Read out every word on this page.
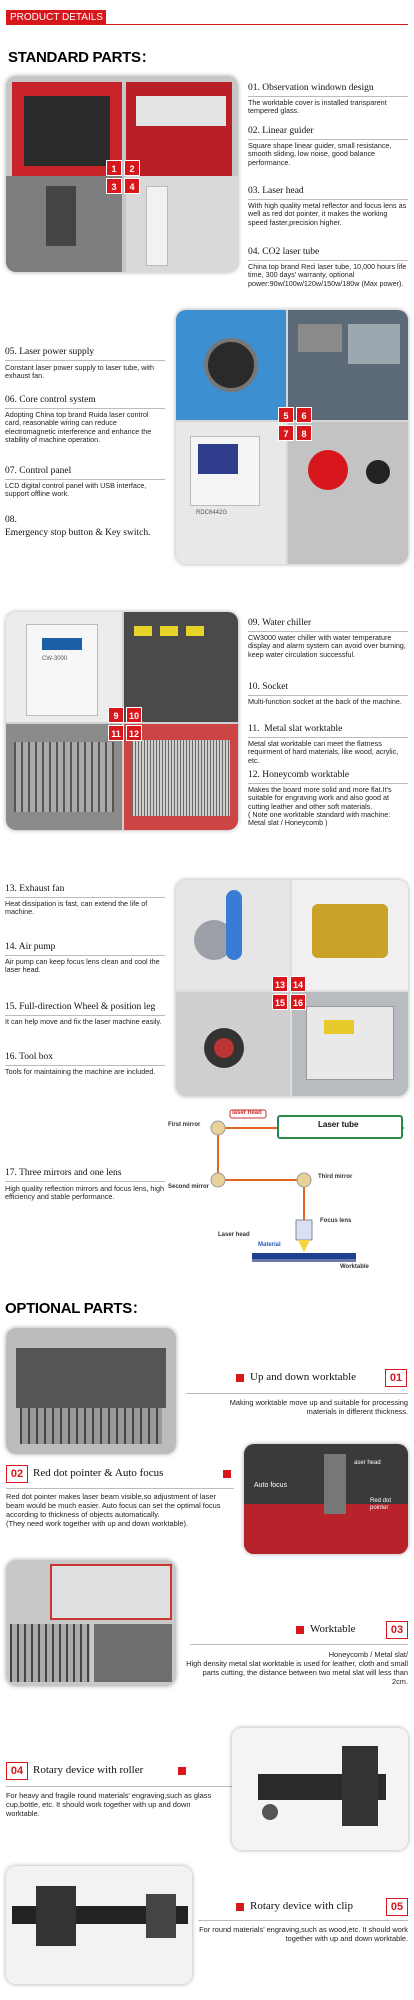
PRODUCT DETAILS
STANDARD PARTS：
1	2
3	4
01. Observation windown design
The worktable cover is installed transparent tempered glass.
02. Linear guider
Square shape linear guider, small resistance, smooth sliding, low noise, good balance performance.
03. Laser head
With high quality metal reflector and focus lens as well as red dot pointer, it makes the working speed faster,precision higher.
04. CO2 laser tube
China top brand Reci laser tube, 10,000 hours life time, 300 days' warranty, optional power:90w/100w/120w/150w/180w (Max power).
RDC6442G
5	6
7	8
05. Laser power supply
Constant laser power supply to laser tube, with exhaust fan.
06. Core control system
Adopting China top brand Ruida laser control card, reasonable wiring can reduce electromagnetic interference and enhance the stability of machine operation.
07. Control panel
LCD digital control panel with USB interface, support offline work.
08.
Emergency stop button & Key switch.
CW-3000
9	10
11 12
09. Water chiller
CW3000 water chiller with water temperature display and alarm system can avoid over burning, keep water circulation successful.
10. Socket
Multi-function socket at the back of the machine.
11.  Metal slat worktable
Metal slat worktable can meet the flatness requirment of hard materials, like wood, acrylic, etc.
12. Honeycomb worktable
Makes the board more solid and more flat.It's suitable for engraving work and also good at cutting leather and other soft materials.
( Note one worktable standard with machine: Metal slat / Honeycomb )
13 14
15 16
13. Exhaust fan
Heat dissipation is fast, can extend the life of machine.
14. Air pump
Air pump can keep focus lens clean and cool the laser head.
15. Full-direction Wheel & position leg
It can help move and fix the laser machine easily.
16. Tool box
Tools for maintaining the machine are included.
17. Three mirrors and one lens
High quality reflection mirrors and focus lens, high efficiency and stable performance.
laser head
First mirror	Laser tube
Second mirror
Third mirror
Focus lens
Laser head
Material
Worktable
OPTIONAL PARTS：
Up and down worktable	01
Making worktable move up and suitable for processing materials in different thickness.
02 Red dot pointer & Auto focus
Red dot pointer makes laser beam visible,so adjustment of laser beam would be much easier. Auto focus can set the optimal focus according to thickness of objects automatically.
(They need work together with up and down worktable).
Auto focus
Red dot
pointer
aser head
Worktable	03
Honeycomb / Metal slat/
High density metal slat worktable is used for leather, cloth and small parts cutting, the distance between two metal slat will less than 2cm.
04 Rotary device with roller
For heavy and fragile round materials' engraving,such as glass cup,bottle, etc. It should work together with up and down worktable.
Rotary device with clip	05
For round materials' engraving,such as wood,etc. It should work together with up and down worktable.
